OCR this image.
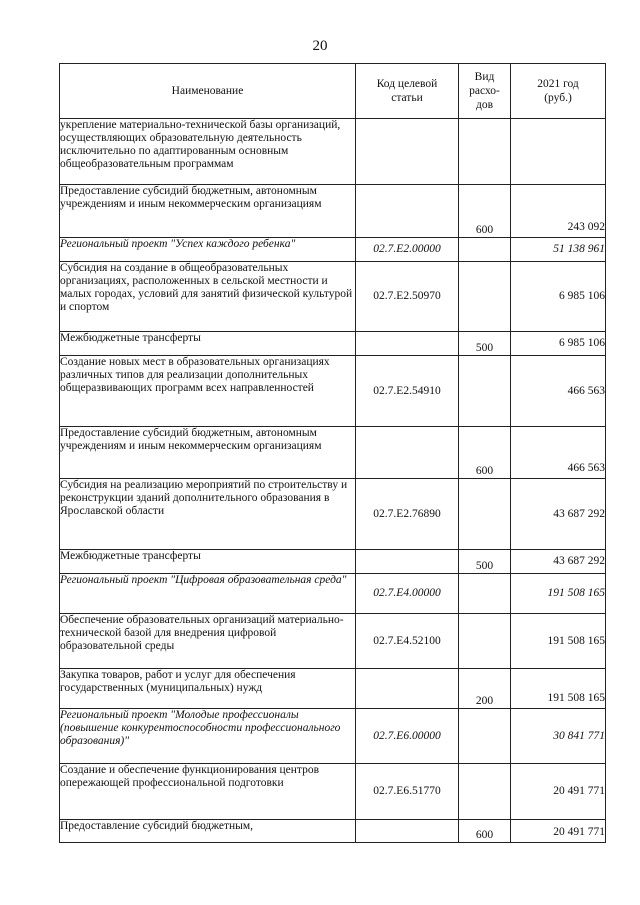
20
Наименование	Код целевой статьи	Вид расхо-дов	2021 год (руб.)
укрепление материально-технической базы организаций, осуществляющих образовательную деятельность исключительно по адаптированным основным общеобразовательным программам			
Предоставление субсидий бюджетным, автономным учреждениям и иным некоммерческим организациям		600	243 092
Региональный проект "Успех каждого ребенка"	02.7.Е2.00000		51 138 961
Субсидия на создание в общеобразовательных организациях, расположенных в сельской местности и малых городах, условий для занятий физической культурой и спортом	02.7.Е2.50970		6 985 106
Межбюджетные трансферты		500	6 985 106
Создание новых мест в образовательных организациях различных типов для реализации дополнительных общеразвивающих программ всех направленностей	02.7.Е2.54910		466 563
Предоставление субсидий бюджетным, автономным учреждениям и иным некоммерческим организациям		600	466 563
Субсидия на реализацию мероприятий по строительству и реконструкции зданий дополнительного образования в Ярославской области	02.7.Е2.76890		43 687 292
Межбюджетные трансферты		500	43 687 292
Региональный проект "Цифровая образовательная среда"	02.7.Е4.00000		191 508 165
Обеспечение образовательных организаций материально-технической базой для внедрения цифровой образовательной среды	02.7.Е4.52100		191 508 165
Закупка товаров, работ и услуг для обеспечения государственных (муниципальных) нужд		200	191 508 165
Региональный проект "Молодые профессионалы (повышение конкурентоспособности профессионального образования)"	02.7.Е6.00000		30 841 771
Создание и обеспечение функционирования центров опережающей профессиональной подготовки	02.7.Е6.51770		20 491 771
Предоставление субсидий бюджетным,		600	20 491 771
